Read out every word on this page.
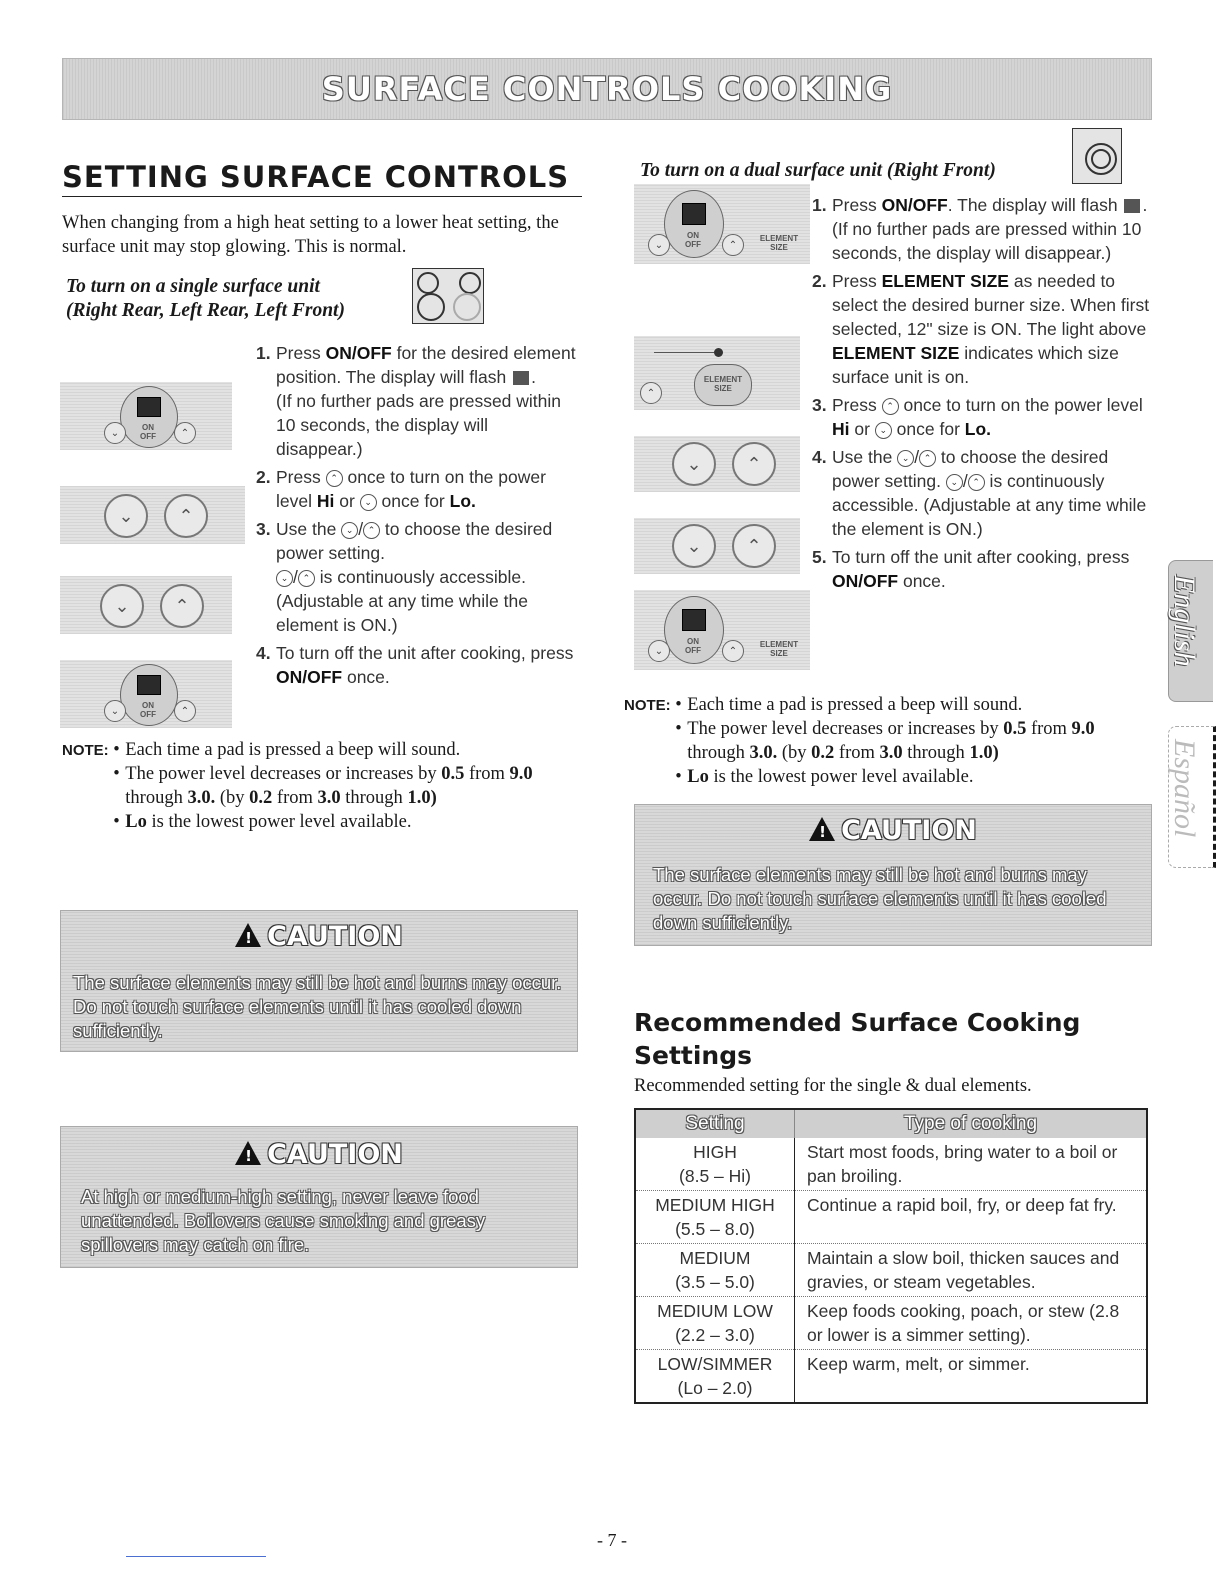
SURFACE CONTROLS COOKING
SETTING SURFACE CONTROLS
When changing from a high heat setting to a lower heat setting, the surface unit may stop glowing. This is normal.
To turn on a single surface unit
(Right Rear, Left Rear, Left Front)
ON
OFF
⌄	⌃
⌄	⌃
⌄	⌃
ON
OFF
⌄	⌃
1. Press ON/OFF for the desired element position. The display will flash .
(If no further pads are pressed within 10 seconds, the display will disappear.)
2. Press ⌃ once to turn on the power level Hi or ⌄ once for Lo.
3. Use the ⌄ / ⌃ to choose the desired power setting.
⌄ / ⌃ is continuously accessible. (Adjustable at any time while the element is ON.)
4. To turn off the unit after cooking, press ON/OFF once.
NOTE: • Each time a pad is pressed a beep will sound.
• The power level decreases or increases by 0.5 from 9.0 through 3.0. (by 0.2 from 3.0 through 1.0)
• Lo is the lowest power level available.
!CAUTION
The surface elements may still be hot and burns may occur. Do not touch surface elements until it has cooled down sufficiently.
!CAUTION
At high or medium-high setting, never leave food unattended. Boilovers cause smoking and greasy spillovers may catch on fire.
To turn on a dual surface unit (Right Front)
ON
OFF
⌄	⌃
ELEMENT
SIZE
⌃
ELEMENT
SIZE
⌄	⌃
⌄	⌃
ON
OFF
⌄	⌃
ELEMENT
SIZE
1. Press ON/OFF. The display will flash .
(If no further pads are pressed within 10 seconds, the display will disappear.)
2. Press ELEMENT SIZE as needed to select the desired burner size. When first selected, 12" size is ON. The light above ELEMENT SIZE indicates which size surface unit is on.
3. Press ⌃ once to turn on the power level Hi or ⌄ once for Lo.
4. Use the ⌄ / ⌃ to choose the desired power setting. ⌄ / ⌃ is continuously accessible. (Adjustable at any time while the element is ON.)
5. To turn off the unit after cooking, press ON/OFF once.
NOTE: • Each time a pad is pressed a beep will sound.
• The power level decreases or increases by 0.5 from 9.0 through 3.0. (by 0.2 from 3.0 through 1.0)
• Lo is the lowest power level available.
!CAUTION
The surface elements may still be hot and burns may occur. Do not touch surface elements until it has cooled down sufficiently.
Recommended Surface Cooking Settings
Recommended setting for the single & dual elements.
Setting	Type of cooking

HIGH
(8.5 – Hi)	Start most foods, bring water to a boil or pan broiling.

MEDIUM HIGH
(5.5 – 8.0)	Continue a rapid boil, fry, or deep fat fry.

MEDIUM
(3.5 – 5.0)	Maintain a slow boil, thicken sauces and gravies, or steam vegetables.

MEDIUM LOW
(2.2 – 3.0)	Keep foods cooking, poach, or stew (2.8 or lower is a simmer setting).

LOW/SIMMER
(Lo – 2.0)	Keep warm, melt, or simmer.
English
Español
- 7 -
